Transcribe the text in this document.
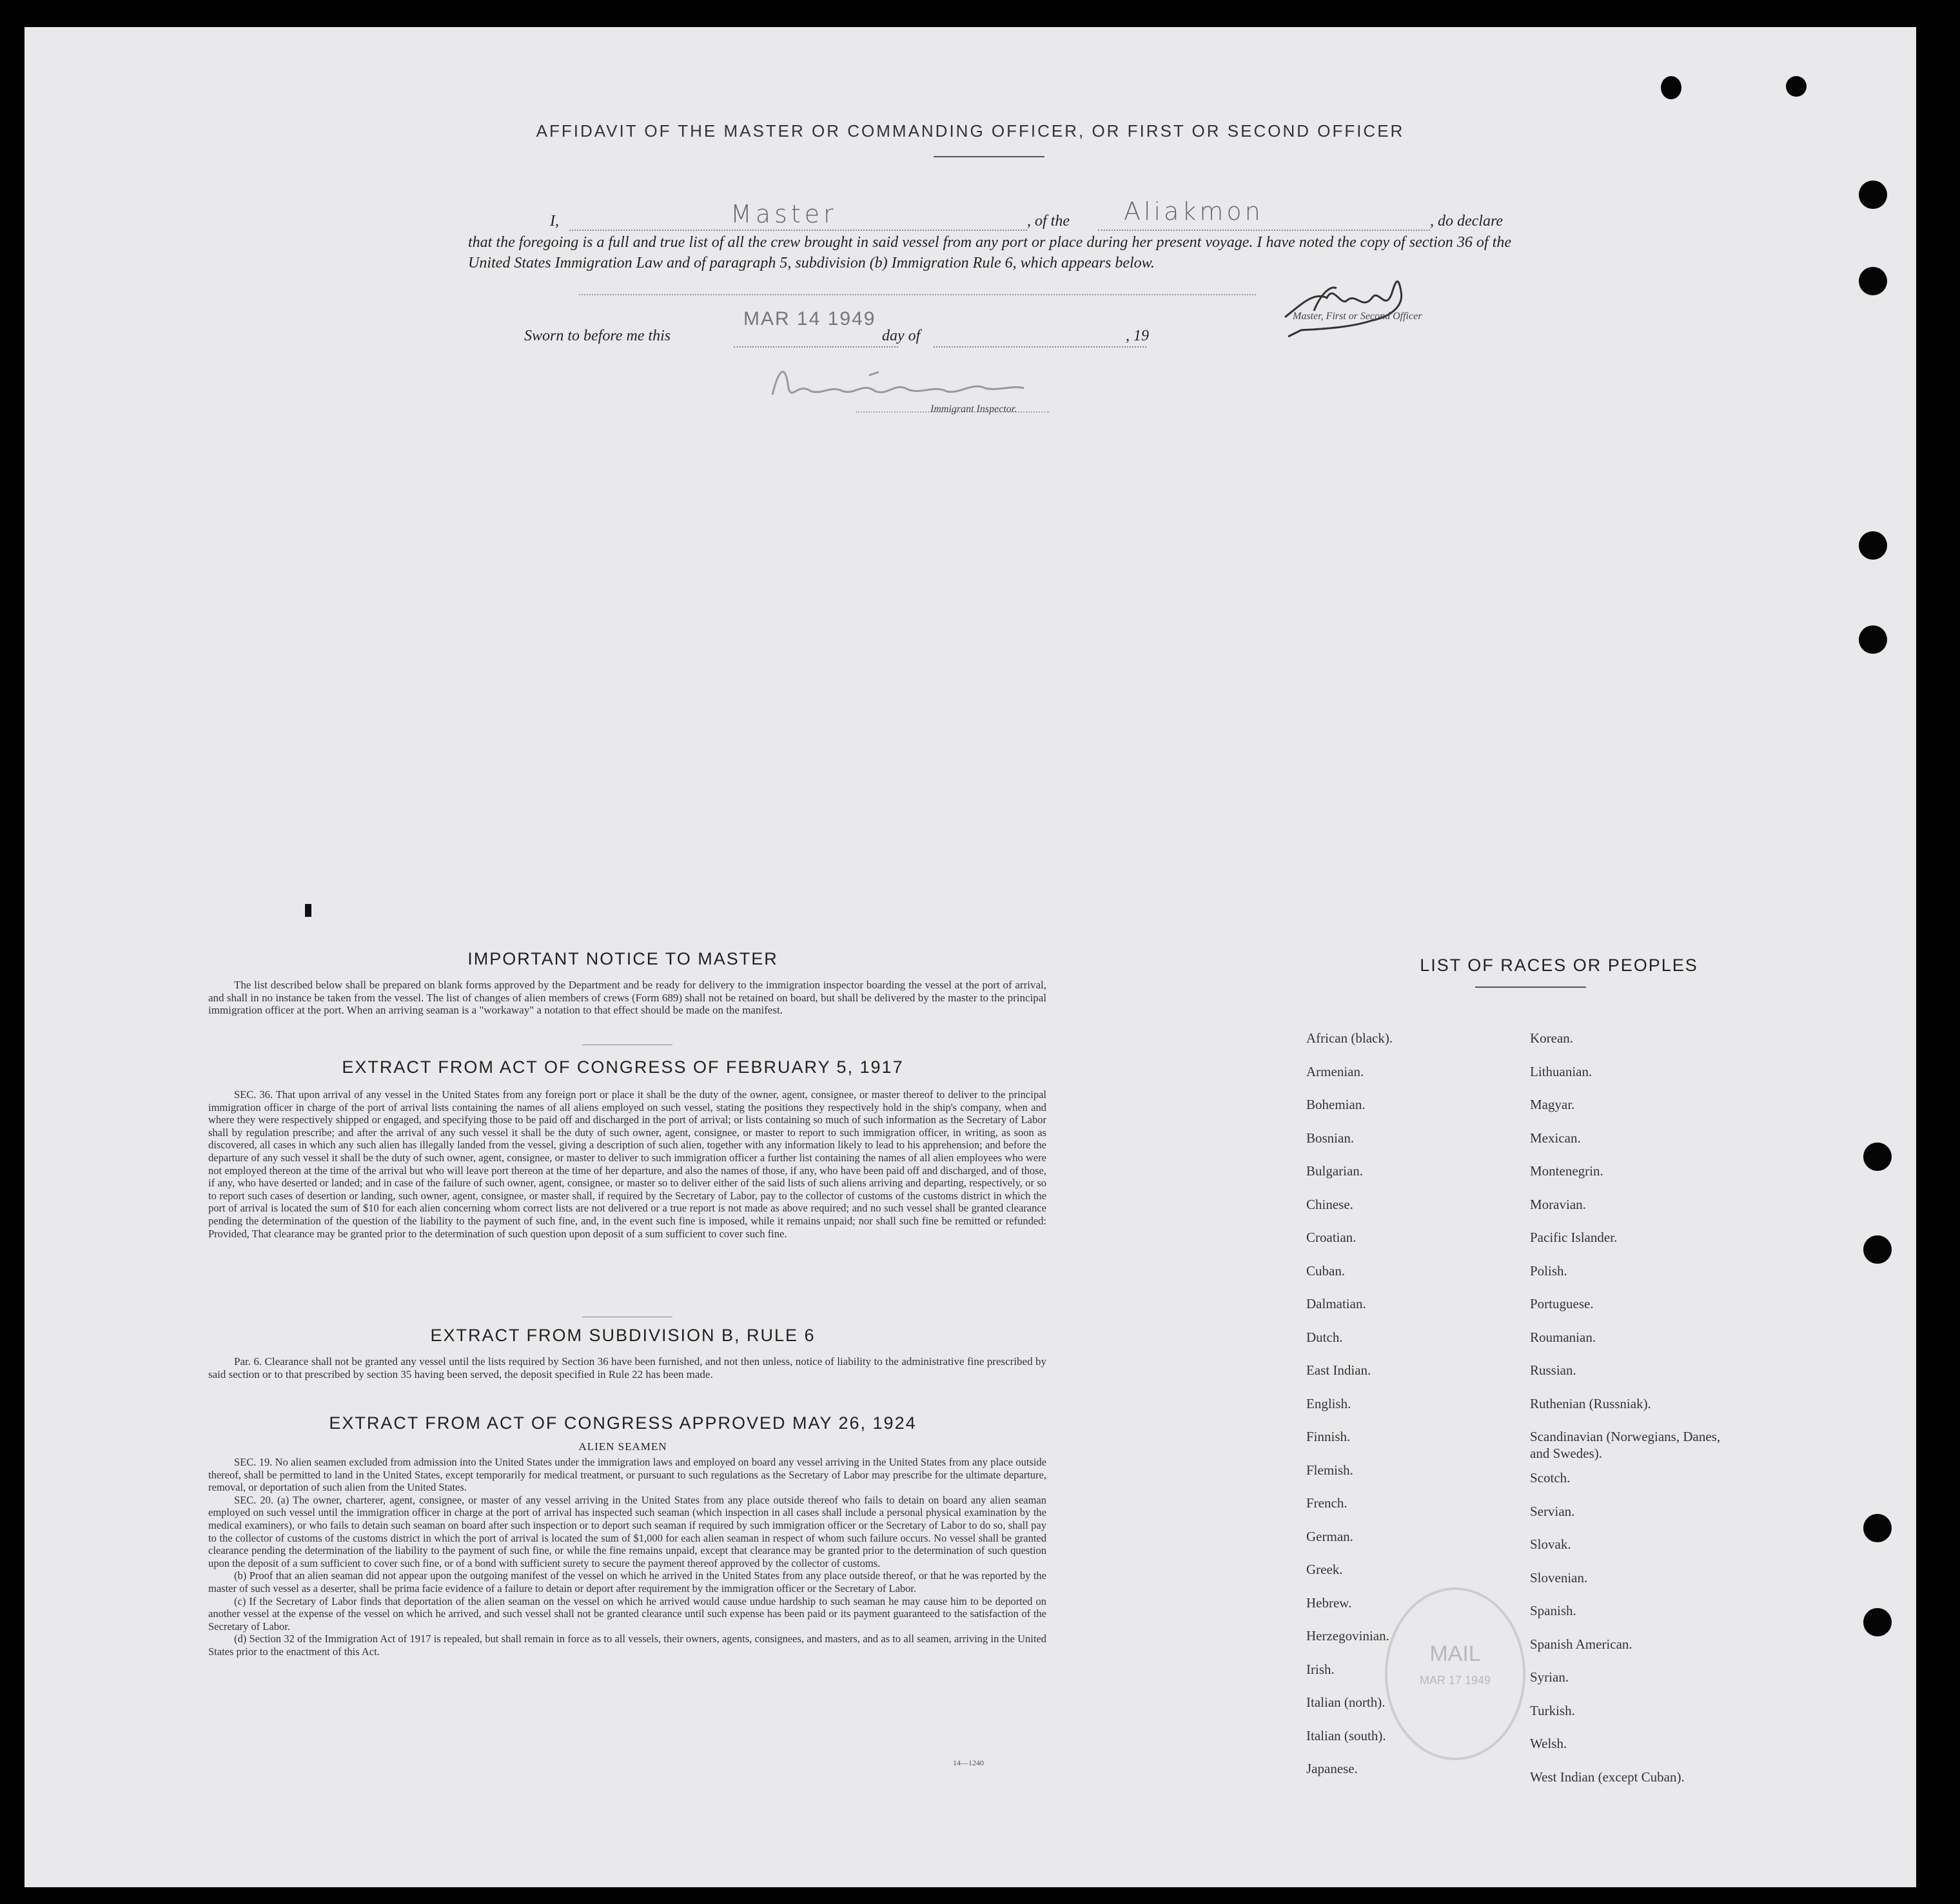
AFFIDAVIT OF THE MASTER OR COMMANDING OFFICER, OR FIRST OR SECOND OFFICER
I,	Master	, of the Aliakmon	, do declare
that the foregoing is a full and true list of all the crew brought in said vessel from any port or place during her present voyage. I have noted the copy of section 36 of the United States Immigration Law and of paragraph 5, subdivision (b) Immigration Rule 6, which appears below.
Master, First or Second Officer
Sworn to before me this
MAR 14 1949
day of	, 19
Immigrant Inspector.
IMPORTANT NOTICE TO MASTER
The list described below shall be prepared on blank forms approved by the Department and be ready for delivery to the immigration inspector boarding the vessel at the port of arrival, and shall in no instance be taken from the vessel. The list of changes of alien members of crews (Form 689) shall not be retained on board, but shall be delivered by the master to the principal immigration officer at the port. When an arriving seaman is a "workaway" a notation to that effect should be made on the manifest.
EXTRACT FROM ACT OF CONGRESS OF FEBRUARY 5, 1917
SEC. 36. That upon arrival of any vessel in the United States from any foreign port or place it shall be the duty of the owner, agent, consignee, or master thereof to deliver to the principal immigration officer in charge of the port of arrival lists containing the names of all aliens employed on such vessel, stating the positions they respectively hold in the ship's company, when and where they were respectively shipped or engaged, and specifying those to be paid off and discharged in the port of arrival; or lists containing so much of such information as the Secretary of Labor shall by regulation prescribe; and after the arrival of any such vessel it shall be the duty of such owner, agent, consignee, or master to report to such immigration officer, in writing, as soon as discovered, all cases in which any such alien has illegally landed from the vessel, giving a description of such alien, together with any information likely to lead to his apprehension; and before the departure of any such vessel it shall be the duty of such owner, agent, consignee, or master to deliver to such immigration officer a further list containing the names of all alien employees who were not employed thereon at the time of the arrival but who will leave port thereon at the time of her departure, and also the names of those, if any, who have been paid off and discharged, and of those, if any, who have deserted or landed; and in case of the failure of such owner, agent, consignee, or master so to deliver either of the said lists of such aliens arriving and departing, respectively, or so to report such cases of desertion or landing, such owner, agent, consignee, or master shall, if required by the Secretary of Labor, pay to the collector of customs of the customs district in which the port of arrival is located the sum of $10 for each alien concerning whom correct lists are not delivered or a true report is not made as above required; and no such vessel shall be granted clearance pending the determination of the question of the liability to the payment of such fine, and, in the event such fine is imposed, while it remains unpaid; nor shall such fine be remitted or refunded: Provided, That clearance may be granted prior to the determination of such question upon deposit of a sum sufficient to cover such fine.
EXTRACT FROM SUBDIVISION B, RULE 6
Par. 6. Clearance shall not be granted any vessel until the lists required by Section 36 have been furnished, and not then unless, notice of liability to the administrative fine prescribed by said section or to that prescribed by section 35 having been served, the deposit specified in Rule 22 has been made.
EXTRACT FROM ACT OF CONGRESS APPROVED MAY 26, 1924
ALIEN SEAMEN

SEC. 19. No alien seamen excluded from admission into the United States under the immigration laws and employed on board any vessel arriving in the United States from any place outside thereof, shall be permitted to land in the United States, except temporarily for medical treatment, or pursuant to such regulations as the Secretary of Labor may prescribe for the ultimate departure, removal, or deportation of such alien from the United States.

SEC. 20. (a) The owner, charterer, agent, consignee, or master of any vessel arriving in the United States from any place outside thereof who fails to detain on board any alien seaman employed on such vessel until the immigration officer in charge at the port of arrival has inspected such seaman (which inspection in all cases shall include a personal physical examination by the medical examiners), or who fails to detain such seaman on board after such inspection or to deport such seaman if required by such immigration officer or the Secretary of Labor to do so, shall pay to the collector of customs of the customs district in which the port of arrival is located the sum of $1,000 for each alien seaman in respect of whom such failure occurs. No vessel shall be granted clearance pending the determination of the liability to the payment of such fine, or while the fine remains unpaid, except that clearance may be granted prior to the determination of such question upon the deposit of a sum sufficient to cover such fine, or of a bond with sufficient surety to secure the payment thereof approved by the collector of customs.

(b) Proof that an alien seaman did not appear upon the outgoing manifest of the vessel on which he arrived in the United States from any place outside thereof, or that he was reported by the master of such vessel as a deserter, shall be prima facie evidence of a failure to detain or deport after requirement by the immigration officer or the Secretary of Labor.

(c) If the Secretary of Labor finds that deportation of the alien seaman on the vessel on which he arrived would cause undue hardship to such seaman he may cause him to be deported on another vessel at the expense of the vessel on which he arrived, and such vessel shall not be granted clearance until such expense has been paid or its payment guaranteed to the satisfaction of the Secretary of Labor.

(d) Section 32 of the Immigration Act of 1917 is repealed, but shall remain in force as to all vessels, their owners, agents, consignees, and masters, and as to all seamen, arriving in the United States prior to the enactment of this Act.

14—1240
LIST OF RACES OR PEOPLES
African (black).
Armenian.
Bohemian.
Bosnian.
Bulgarian.
Chinese.
Croatian.
Cuban.
Dalmatian.
Dutch.
East Indian.
English.
Finnish.
Flemish.
French.
German.
Greek.
Hebrew.
Herzegovinian.
Irish.
Italian (north).
Italian (south).
Japanese.
Korean.
Lithuanian.
Magyar.
Mexican.
Montenegrin.
Moravian.
Pacific Islander.
Polish.
Portuguese.
Roumanian.
Russian.
Ruthenian (Russniak).
Scandinavian (Norwegians, Danes, and Swedes).
Scotch.
Servian.
Slovak.
Slovenian.
Spanish.
Spanish American.
Syrian.
Turkish.
Welsh.
West Indian (except Cuban).
MAIL
MAR 17 1949
